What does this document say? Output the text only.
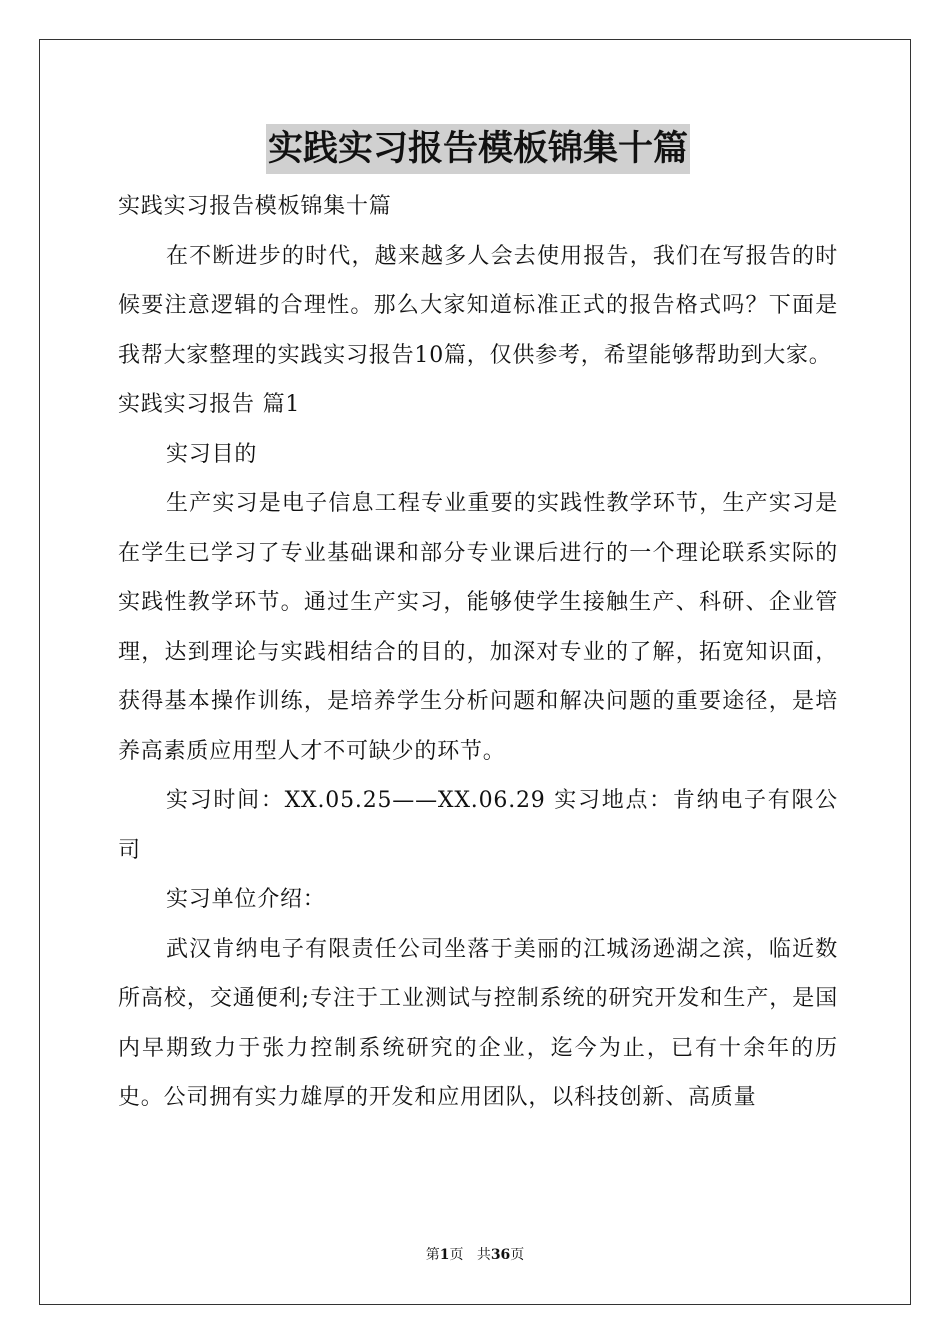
实践实习报告模板锦集十篇

实践实习报告模板锦集十篇

在不断进步的时代，越来越多人会去使用报告，我们在写报告的时候要注意逻辑的合理性。那么大家知道标准正式的报告格式吗？下面是我帮大家整理的实践实习报告10篇，仅供参考，希望能够帮助到大家。

实践实习报告 篇1

实习目的

生产实习是电子信息工程专业重要的实践性教学环节，生产实习是在学生已学习了专业基础课和部分专业课后进行的一个理论联系实际的实践性教学环节。通过生产实习，能够使学生接触生产、科研、企业管理，达到理论与实践相结合的目的，加深对专业的了解，拓宽知识面，获得基本操作训练，是培养学生分析问题和解决问题的重要途径，是培养高素质应用型人才不可缺少的环节。

实习时间：XX.05.25——XX.06.29 实习地点：肯纳电子有限公司

实习单位介绍：

武汉肯纳电子有限责任公司坐落于美丽的江城汤逊湖之滨，临近数所高校，交通便利;专注于工业测试与控制系统的研究开发和生产，是国内早期致力于张力控制系统研究的企业，迄今为止，已有十余年的历史。公司拥有实力雄厚的开发和应用团队，以科技创新、高质量

第1页 共36页
